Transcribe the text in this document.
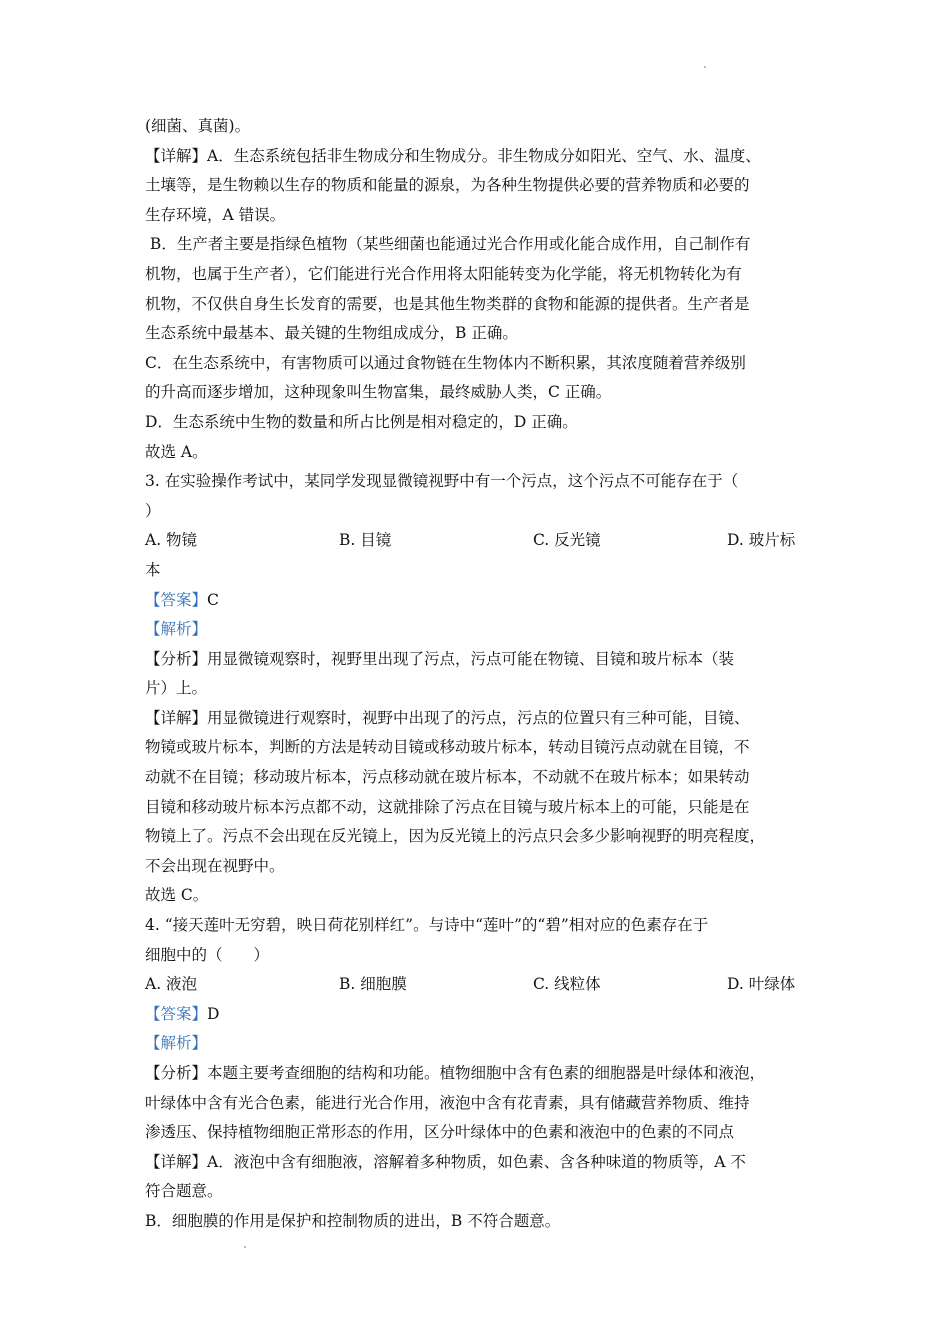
(细菌、真菌)。

【详解】A．生态系统包括非生物成分和生物成分。非生物成分如阳光、空气、水、温度、

土壤等，是生物赖以生存的物质和能量的源泉，为各种生物提供必要的营养物质和必要的

生存环境，A 错误。

B．生产者主要是指绿色植物（某些细菌也能通过光合作用或化能合成作用，自己制作有

机物，也属于生产者），它们能进行光合作用将太阳能转变为化学能，将无机物转化为有

机物，不仅供自身生长发育的需要，也是其他生物类群的食物和能源的提供者。生产者是

生态系统中最基本、最关键的生物组成成分，B 正确。

C．在生态系统中，有害物质可以通过食物链在生物体内不断积累，其浓度随着营养级别

的升高而逐步增加，这种现象叫生物富集，最终威胁人类，C 正确。

D．生态系统中生物的数量和所占比例是相对稳定的，D 正确。

故选 A。

3. 在实验操作考试中，某同学发现显微镜视野中有一个污点，这个污点不可能存在于（

）

A. 物镜	B. 目镜	C. 反光镜	D. 玻片标

本

【答案】C

【解析】

【分析】用显微镜观察时，视野里出现了污点，污点可能在物镜、目镜和玻片标本（装

片）上。

【详解】用显微镜进行观察时，视野中出现了的污点，污点的位置只有三种可能，目镜、

物镜或玻片标本，判断的方法是转动目镜或移动玻片标本，转动目镜污点动就在目镜，不

动就不在目镜；移动玻片标本，污点移动就在玻片标本，不动就不在玻片标本；如果转动

目镜和移动玻片标本污点都不动，这就排除了污点在目镜与玻片标本上的可能，只能是在

物镜上了。污点不会出现在反光镜上，因为反光镜上的污点只会多少影响视野的明亮程度，

不会出现在视野中。

故选 C。

4. “接天莲叶无穷碧，映日荷花别样红”。与诗中“莲叶”的“碧”相对应的色素存在于

细胞中的（　　）

A. 液泡	B. 细胞膜	C. 线粒体	D. 叶绿体

【答案】D

【解析】

【分析】本题主要考查细胞的结构和功能。植物细胞中含有色素的细胞器是叶绿体和液泡，

叶绿体中含有光合色素，能进行光合作用，液泡中含有花青素，具有储藏营养物质、维持

渗透压、保持植物细胞正常形态的作用，区分叶绿体中的色素和液泡中的色素的不同点

【详解】A．液泡中含有细胞液，溶解着多种物质，如色素、含各种味道的物质等，A 不

符合题意。

B．细胞膜的作用是保护和控制物质的进出，B 不符合题意。
